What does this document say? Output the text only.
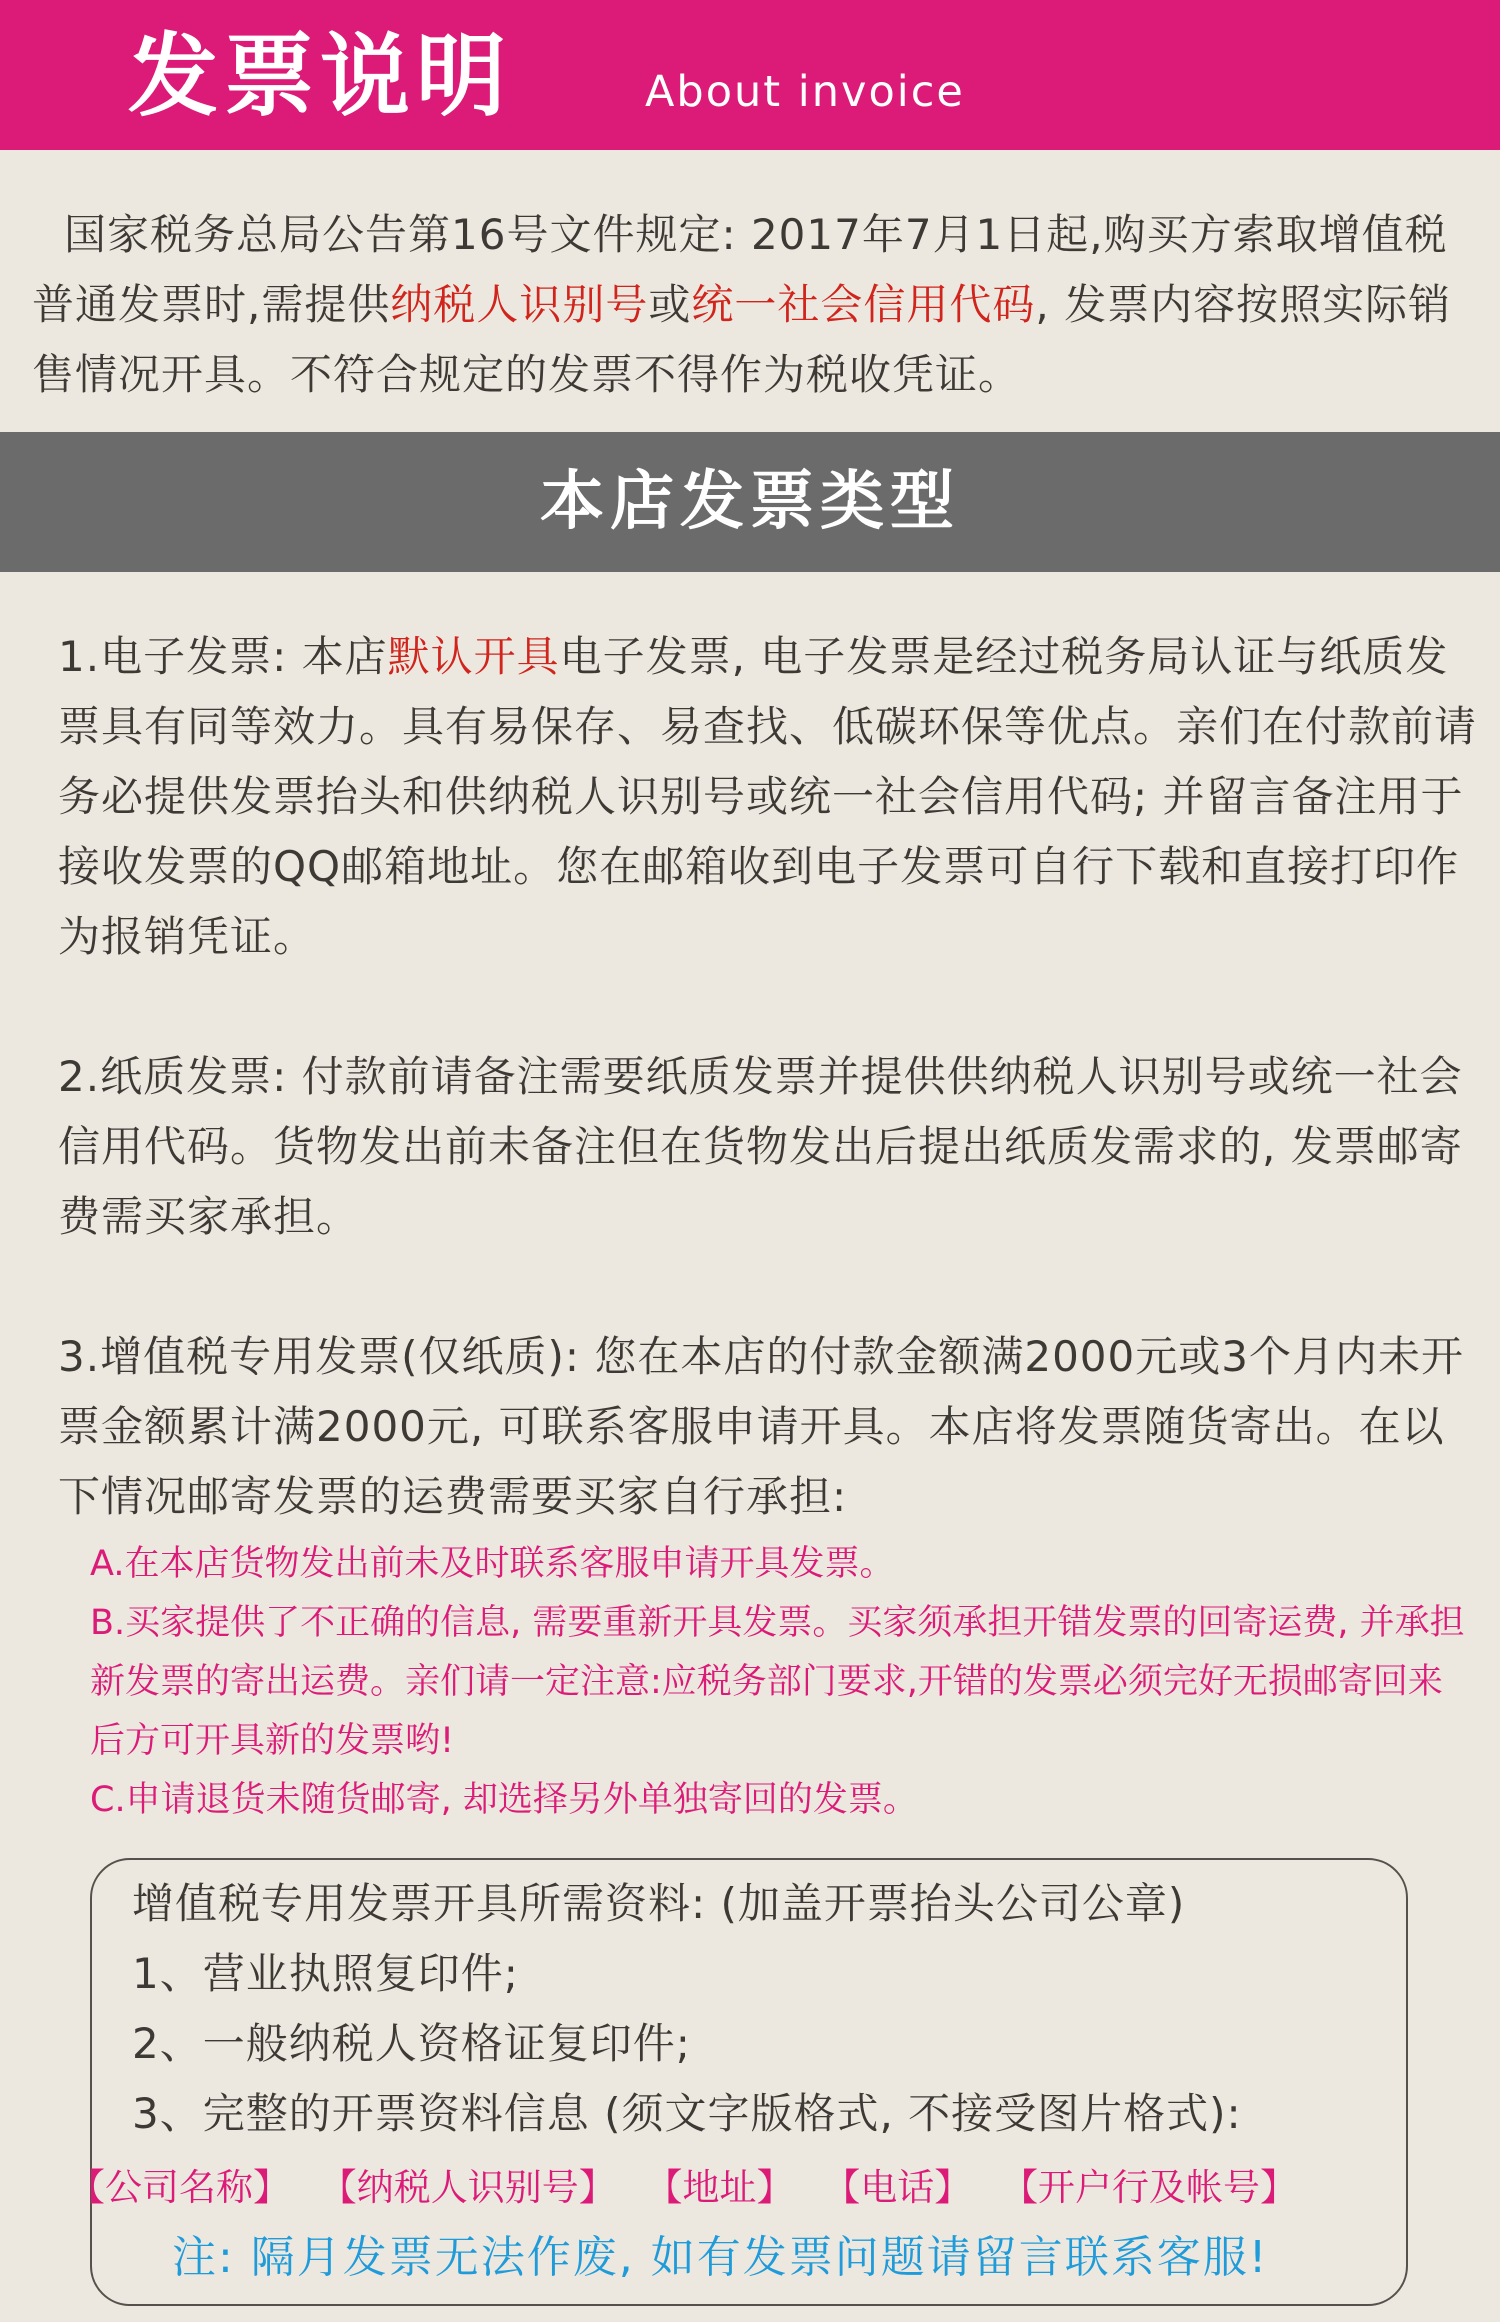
发票说明	About invoice
国家税务总局公告第16号文件规定: 2017年7月1日起,购买方索取增值税普通发票时,需提供纳税人识别号或统一社会信用代码, 发票内容按照实际销售情况开具。不符合规定的发票不得作为税收凭证。
本店发票类型
1.电子发票: 本店默认开具电子发票, 电子发票是经过税务局认证与纸质发票具有同等效力。具有易保存、易查找、低碳环保等优点。亲们在付款前请务必提供发票抬头和供纳税人识别号或统一社会信用代码; 并留言备注用于接收发票的QQ邮箱地址。您在邮箱收到电子发票可自行下载和直接打印作为报销凭证。
2.纸质发票: 付款前请备注需要纸质发票并提供供纳税人识别号或统一社会信用代码。货物发出前未备注但在货物发出后提出纸质发需求的, 发票邮寄费需买家承担。
3.增值税专用发票(仅纸质): 您在本店的付款金额满2000元或3个月内未开票金额累计满2000元, 可联系客服申请开具。本店将发票随货寄出。在以下情况邮寄发票的运费需要买家自行承担:
A.在本店货物发出前未及时联系客服申请开具发票。
B.买家提供了不正确的信息, 需要重新开具发票。买家须承担开错发票的回寄运费, 并承担新发票的寄出运费。亲们请一定注意:应税务部门要求,开错的发票必须完好无损邮寄回来后方可开具新的发票哟!
C.申请退货未随货邮寄, 却选择另外单独寄回的发票。
增值税专用发票开具所需资料: (加盖开票抬头公司公章)
1、营业执照复印件;
2、一般纳税人资格证复印件;
3、完整的开票资料信息 (须文字版格式, 不接受图片格式):
【公司名称】 【纳税人识别号】 【地址】 【电话】 【开户行及帐号】
注: 隔月发票无法作废, 如有发票问题请留言联系客服!
